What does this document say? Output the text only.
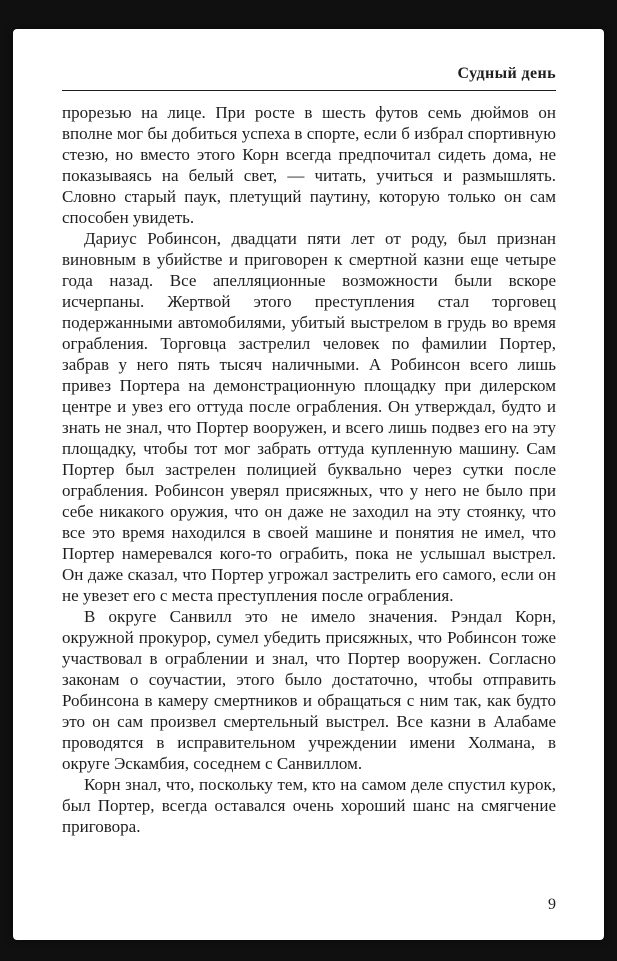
Судный день

прорезью на лице. При росте в шесть футов семь дюймов он вполне мог бы добиться успеха в спорте, если б избрал спортивную стезю, но вместо этого Корн всегда предпочитал сидеть дома, не показываясь на белый свет, — читать, учиться и размышлять. Словно старый паук, плетущий паутину, которую только он сам способен увидеть.

Дариус Робинсон, двадцати пяти лет от роду, был признан виновным в убийстве и приговорен к смертной казни еще четыре года назад. Все апелляционные возможности были вскоре исчерпаны. Жертвой этого преступления стал торговец подержанными автомобилями, убитый выстрелом в грудь во время ограбления. Торговца застрелил человек по фамилии Портер, забрав у него пять тысяч наличными. А Робинсон всего лишь привез Портера на демонстрационную площадку при дилерском центре и увез его оттуда после ограбления. Он утверждал, будто и знать не знал, что Портер вооружен, и всего лишь подвез его на эту площадку, чтобы тот мог забрать оттуда купленную машину. Сам Портер был застрелен полицией буквально через сутки после ограбления. Робинсон уверял присяжных, что у него не было при себе никакого оружия, что он даже не заходил на эту стоянку, что все это время находился в своей машине и понятия не имел, что Портер намеревался кого-то ограбить, пока не услышал выстрел. Он даже сказал, что Портер угрожал застрелить его самого, если он не увезет его с места преступления после ограбления.

В округе Санвилл это не имело значения. Рэндал Корн, окружной прокурор, сумел убедить присяжных, что Робинсон тоже участвовал в ограблении и знал, что Портер вооружен. Согласно законам о соучастии, этого было достаточно, чтобы отправить Робинсона в камеру смертников и обращаться с ним так, как будто это он сам произвел смертельный выстрел. Все казни в Алабаме проводятся в исправительном учреждении имени Холмана, в округе Эскамбия, соседнем с Санвиллом.

Корн знал, что, поскольку тем, кто на самом деле спустил курок, был Портер, всегда оставался очень хороший шанс на смягчение приговора.

9
